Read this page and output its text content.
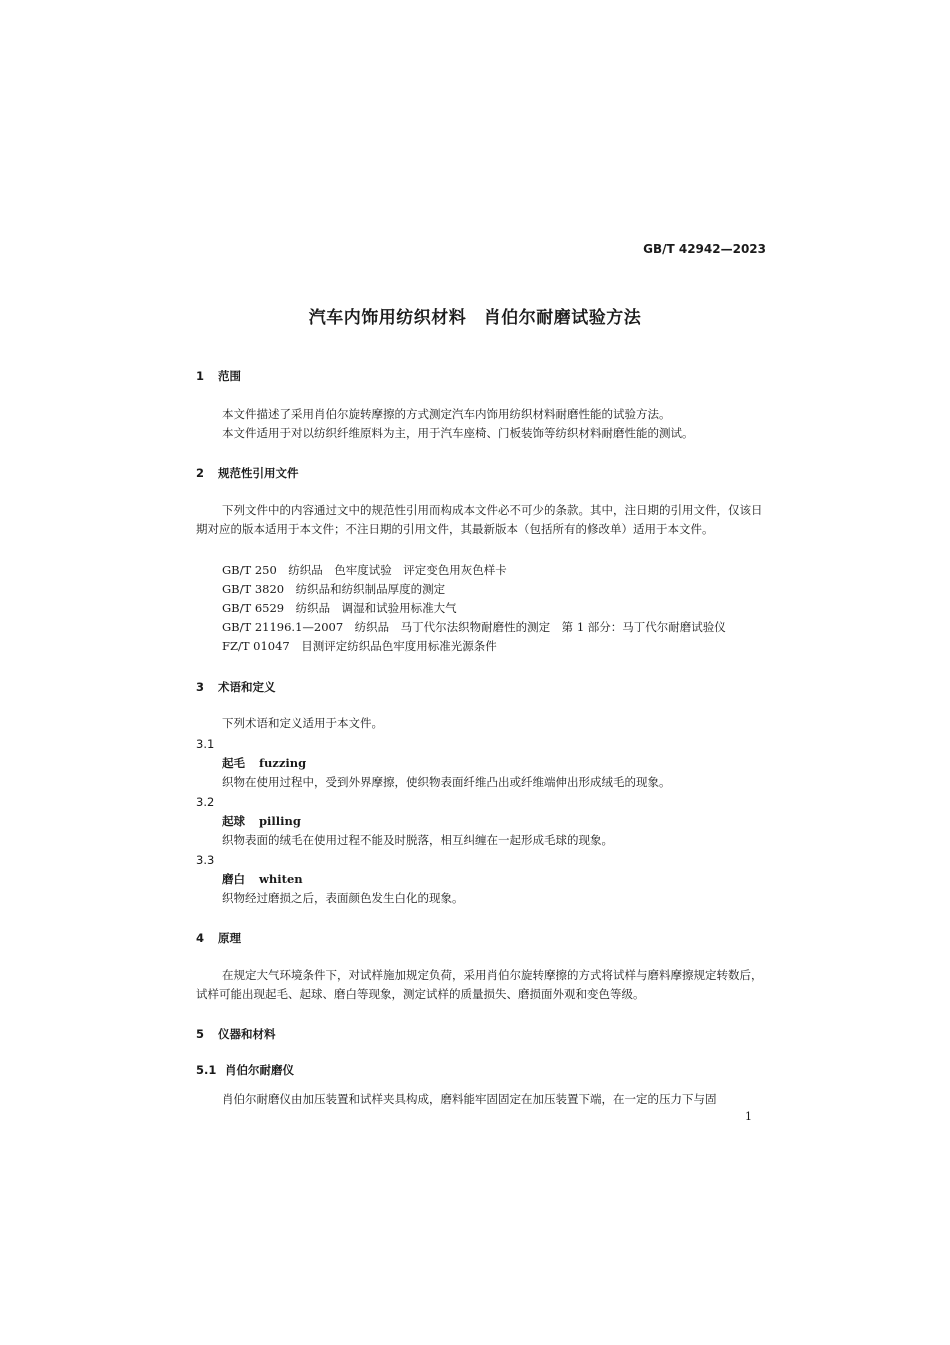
GB/T 42942—2023
汽车内饰用纺织材料　肖伯尔耐磨试验方法
1 范围
本文件描述了采用肖伯尔旋转摩擦的方式测定汽车内饰用纺织材料耐磨性能的试验方法。
本文件适用于对以纺织纤维原料为主，用于汽车座椅、门板装饰等纺织材料耐磨性能的测试。
2 规范性引用文件
下列文件中的内容通过文中的规范性引用而构成本文件必不可少的条款。其中，注日期的引用文件，仅该日期对应的版本适用于本文件；不注日期的引用文件，其最新版本（包括所有的修改单）适用于本文件。
GB/T 250　纺织品　色牢度试验　评定变色用灰色样卡
GB/T 3820　纺织品和纺织制品厚度的测定
GB/T 6529　纺织品　调湿和试验用标准大气
GB/T 21196.1—2007　纺织品　马丁代尔法织物耐磨性的测定　第 1 部分：马丁代尔耐磨试验仪
FZ/T 01047　目测评定纺织品色牢度用标准光源条件
3 术语和定义
下列术语和定义适用于本文件。
3.1
起毛 fuzzing
织物在使用过程中，受到外界摩擦，使织物表面纤维凸出或纤维端伸出形成绒毛的现象。
3.2
起球 pilling
织物表面的绒毛在使用过程不能及时脱落，相互纠缠在一起形成毛球的现象。
3.3
磨白 whiten
织物经过磨损之后，表面颜色发生白化的现象。
4 原理
在规定大气环境条件下，对试样施加规定负荷，采用肖伯尔旋转摩擦的方式将试样与磨料摩擦规定转数后，试样可能出现起毛、起球、磨白等现象，测定试样的质量损失、磨损面外观和变色等级。
5 仪器和材料
5.1 肖伯尔耐磨仪
肖伯尔耐磨仪由加压装置和试样夹具构成，磨料能牢固固定在加压装置下端，在一定的压力下与固
1
